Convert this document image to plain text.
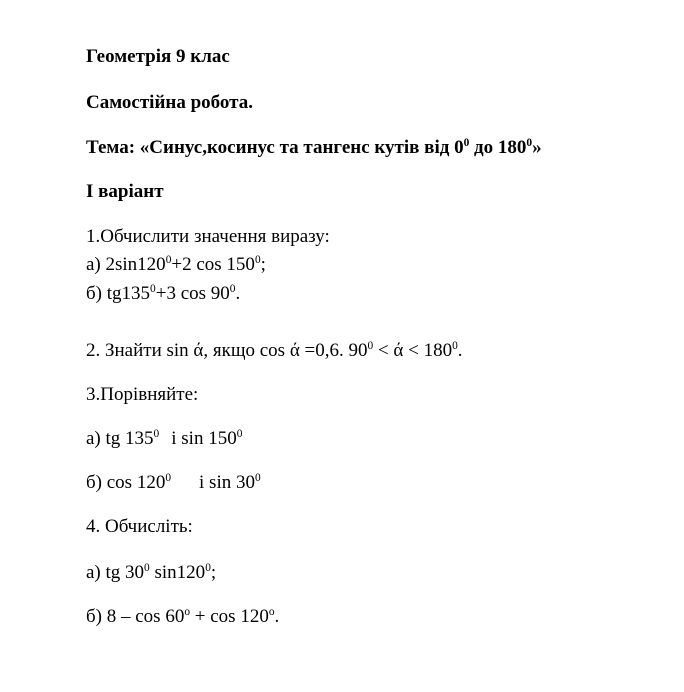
Геометрія 9 клас
Самостійна робота.
Тема: «Синус,косинус та тангенс кутів від $0^0$ до $180^0$»
І варіант
1.Обчислити значення виразу:
а) $2\sin 120^0+2$ $\cos 150^0$;
б) $tg135^0+3$ $\cos 90^0$.
2. Знайти sin ά, якщо cos ά =0,6. $90^0 < ά < 180^0$.
3.Порівняйте:
а) tg $135^0$ і $\sin 150^0$
б) $\cos 120^0$ і $\sin 30^0$
4. Обчисліть:
а) tg $30^0$ $\sin 120^0$;
б) $8 - \cos 60^o + \cos 120^o$.
